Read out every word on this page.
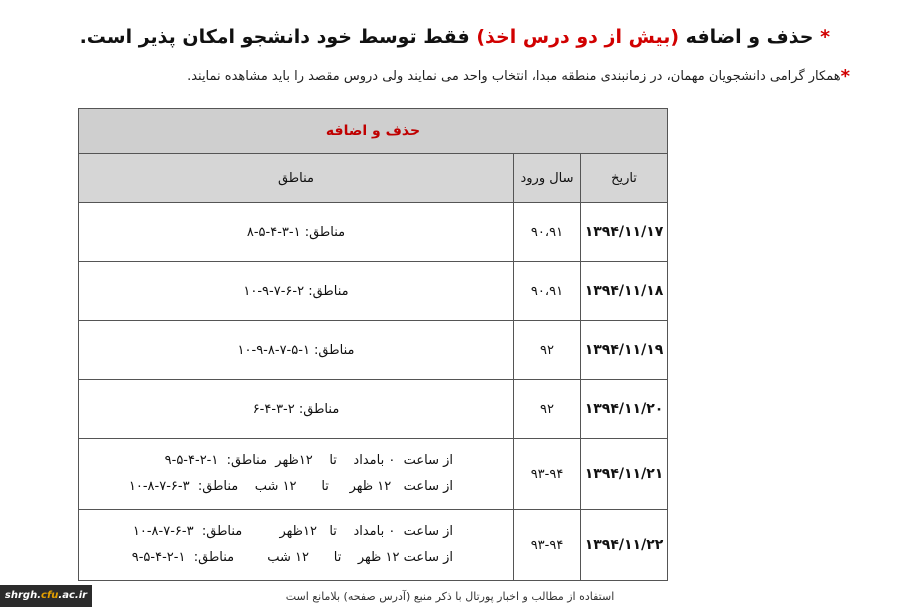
* حذف و اضافه (بیش از دو درس اخذ) فقط توسط خود دانشجو امکان پذیر است.
*همکار گرامی دانشجویان مهمان، در زمانبندی منطقه مبدا، انتخاب واحد می نمایند ولی دروس مقصد را باید مشاهده نمایند.
حذف و اضافه		
تاریخ	سال ورود	مناطق
۱۳۹۴/۱۱/۱۷	۹۰،۹۱	مناطق: ۱-۳-۴-۵-۸
۱۳۹۴/۱۱/۱۸	۹۰،۹۱	مناطق: ۲-۶-۷-۹-۱۰
۱۳۹۴/۱۱/۱۹	۹۲	مناطق: ۱-۵-۷-۸-۹-۱۰
۱۳۹۴/۱۱/۲۰	۹۲	مناطق: ۲-۳-۴-۶
۱۳۹۴/۱۱/۲۱	۹۳-۹۴	از ساعت  ۰ بامداد    تا    ۱۲ظهر  مناطق:  ۱-۲-۴-۵-۹
از ساعت   ۱۲ ظهر     تا      ۱۲ شب    مناطق:  ۳-۶-۷-۸-۱۰

۱۳۹۴/۱۱/۲۲	۹۳-۹۴	از ساعت  ۰ بامداد    تا   ۱۲ظهر         مناطق:  ۳-۶-۷-۸-۱۰
از ساعت ۱۲ ظهر    تا      ۱۲ شب        مناطق:  ۱-۲-۴-۵-۹
shrgh.cfu.ac.ir	استفاده از مطالب و اخبار پورتال با ذکر منبع (آدرس صفحه) بلامانع است
